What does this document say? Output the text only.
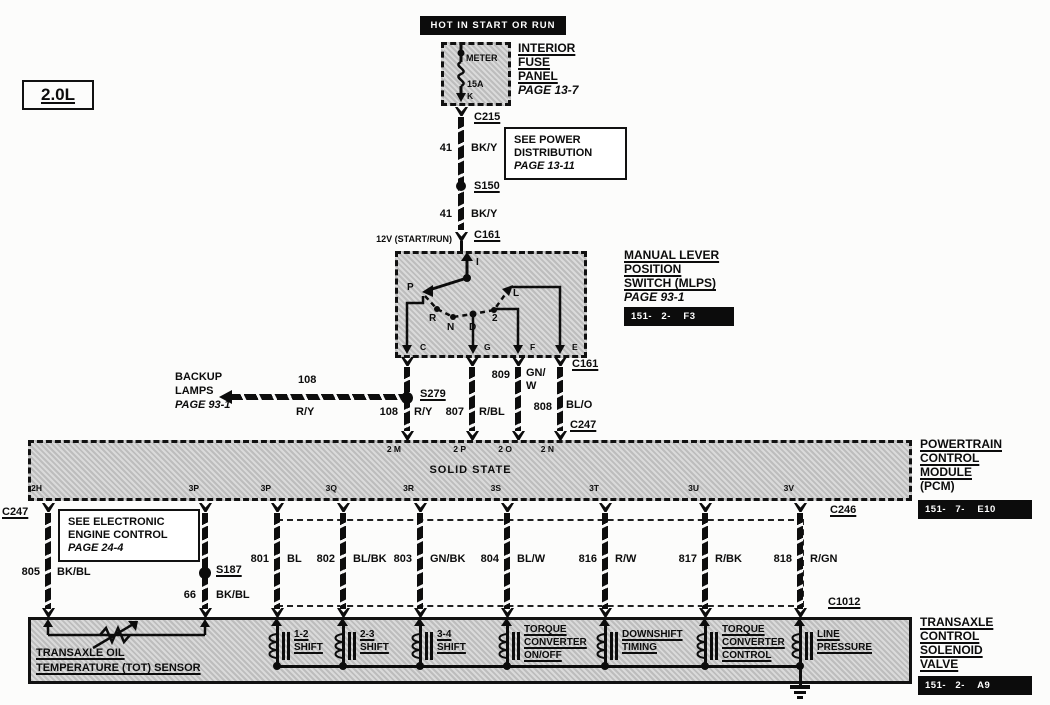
2.0L
HOT IN START OR RUN
METER
15A
K
INTERIOR
FUSE
PANEL
PAGE 13-7
C215
41 BK/Y
S150
41 BK/Y
12V (START/RUN) C161
SEE POWER
DISTRIBUTION
PAGE 13-11
I
P
R
N D
2
L
C	G	F	E
MANUAL LEVER
POSITION
SWITCH (MLPS)
PAGE 93-1
151-   2-    F3
C161
S279
108
R/Y
BACKUP
LAMPS
PAGE 93-1
108 R/Y	807 R/BL
809 GN/
W
808 BL/O
C247
SOLID STATE
2 M	2 P	2 O	2 N
2H	3P	3P	3Q	3R	3S	3T	3U	3V
POWERTRAIN
CONTROL
MODULE
(PCM)
151-   7-    E10
C247	C246
S187
SEE ELECTRONIC
ENGINE CONTROL
PAGE 24-4
805 BK/BL
66 BK/BL
801 BL	802 BL/BK 803 GN/BK	804 BL/W	816 R/W	817 R/BK	818 R/GN
C1012
TRANSAXLE OIL
TEMPERATURE (TOT) SENSOR
1-2
SHIFT
2-3
SHIFT
3-4
SHIFT
TORQUE
CONVERTER
ON/OFF
DOWNSHIFT
TIMING
TORQUE
CONVERTER
CONTROL
LINE
PRESSURE
TRANSAXLE
CONTROL
SOLENOID
VALVE
151-   2-    A9
